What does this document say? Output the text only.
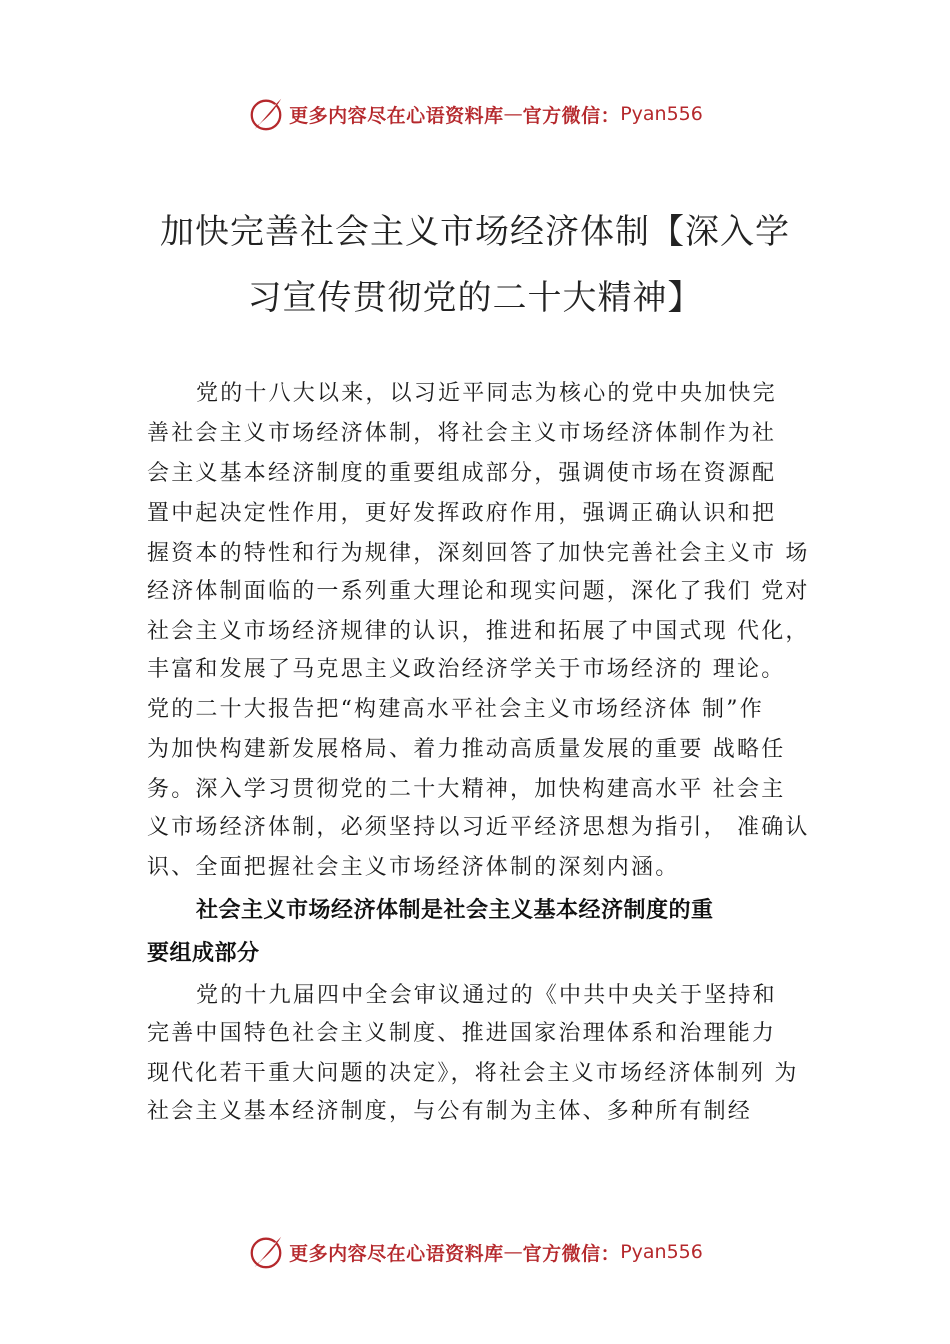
更多内容尽在心语资料库 — 官方微信： Pyan556
加快完善社会主义市场经济体制【深入学
习宣传贯彻党的二十大精神】
党的十八大以来，以习近平同志为核心的党中央加快完
善社会主义市场经济体制，将社会主义市场经济体制作为社
会主义基本经济制度的重要组成部分，强调使市场在资源配
置中起决定性作用，更好发挥政府作用，强调正确认识和把
握资本的特性和行为规律，深刻回答了加快完善社会主义市 场
经济体制面临的一系列重大理论和现实问题，深化了我们 党对
社会主义市场经济规律的认识，推进和拓展了中国式现 代化，
丰富和发展了马克思主义政治经济学关于市场经济的 理论。
党的二十大报告把“构建高水平社会主义市场经济体 制”作
为加快构建新发展格局、着力推动高质量发展的重要 战略任
务。深入学习贯彻党的二十大精神，加快构建高水平 社会主
义市场经济体制，必须坚持以习近平经济思想为指引， 准确认
识、全面把握社会主义市场经济体制的深刻内涵。
社会主义市场经济体制是社会主义基本经济制度的重
要组成部分
党的十九届四中全会审议通过的《中共中央关于坚持和
完善中国特色社会主义制度、推进国家治理体系和治理能力
现代化若干重大问题的决定》，将社会主义市场经济体制列 为
社会主义基本经济制度，与公有制为主体、多种所有制经
更多内容尽在心语资料库 — 官方微信： Pyan556
